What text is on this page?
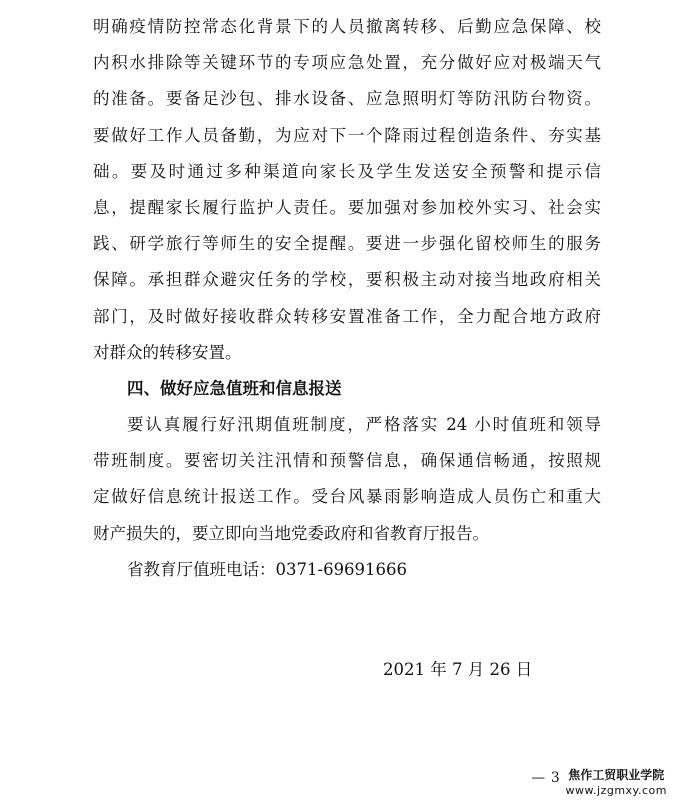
明确疫情防控常态化背景下的人员撤离转移、后勤应急保障、校
内积水排除等关键环节的专项应急处置，充分做好应对极端天气
的准备。要备足沙包、排水设备、应急照明灯等防汛防台物资。
要做好工作人员备勤，为应对下一个降雨过程创造条件、夯实基
础。要及时通过多种渠道向家长及学生发送安全预警和提示信
息，提醒家长履行监护人责任。要加强对参加校外实习、社会实
践、研学旅行等师生的安全提醒。要进一步强化留校师生的服务
保障。承担群众避灾任务的学校，要积极主动对接当地政府相关
部门，及时做好接收群众转移安置准备工作，全力配合地方政府
对群众的转移安置。
四、做好应急值班和信息报送
要认真履行好汛期值班制度，严格落实 24 小时值班和领导
带班制度。要密切关注汛情和预警信息，确保通信畅通，按照规
定做好信息统计报送工作。受台风暴雨影响造成人员伤亡和重大
财产损失的，要立即向当地党委政府和省教育厅报告。
省教育厅值班电话：0371-69691666
2021 年 7 月 26 日
— 3 焦作工贸职业学院
www.jzgmxy.com
